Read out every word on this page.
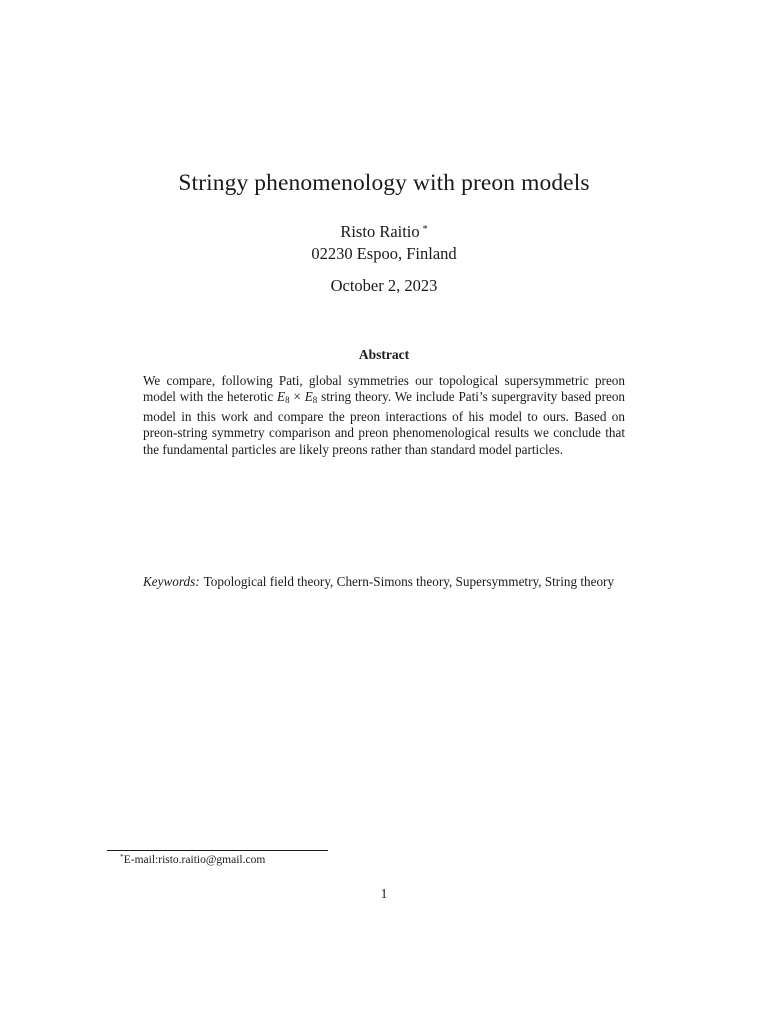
Stringy phenomenology with preon models
Risto Raitio *
02230 Espoo, Finland
October 2, 2023
Abstract
We compare, following Pati, global symmetries our topological supersymmetric preon model with the heterotic $E_8 \times E_8$ string theory. We include Pati’s supergravity based preon model in this work and compare the preon interactions of his model to ours. Based on preon-string symmetry comparison and preon phenomenological results we conclude that the fundamental particles are likely preons rather than standard model particles.
Keywords: Topological field theory, Chern-Simons theory, Supersymmetry, String theory
*E-mail:risto.raitio@gmail.com
1
